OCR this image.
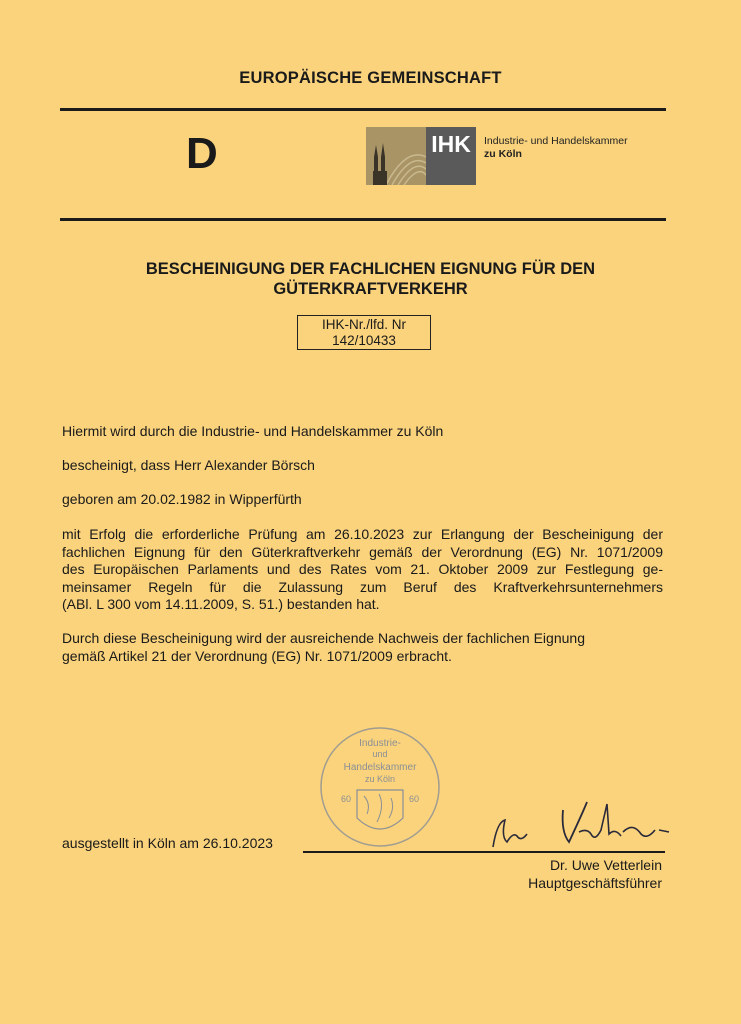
EUROPÄISCHE GEMEINSCHAFT
D	IHK	Industrie- und Handelskammer
zu Köln
BESCHEINIGUNG DER FACHLICHEN EIGNUNG FÜR DEN
GÜTERKRAFTVERKEHR
IHK-Nr./lfd. Nr
142/10433
Hiermit wird durch die Industrie- und Handelskammer zu Köln
bescheinigt, dass Herr Alexander Börsch
geboren am 20.02.1982 in Wipperfürth
mit Erfolg die erforderliche Prüfung am 26.10.2023 zur Erlangung der Bescheinigung der
fachlichen Eignung für den Güterkraftverkehr gemäß der Verordnung (EG) Nr. 1071/2009
des Europäischen Parlaments und des Rates vom 21. Oktober 2009 zur Festlegung ge-
meinsamer Regeln für die Zulassung zum Beruf des Kraftverkehrsunternehmers
(ABl. L 300 vom 14.11.2009, S. 51.) bestanden hat.
Durch diese Bescheinigung wird der ausreichende Nachweis der fachlichen Eignung
gemäß Artikel 21 der Verordnung (EG) Nr. 1071/2009 erbracht.
Industrie-
und
Handelskammer
zu Köln
60	60
ausgestellt in Köln am 26.10.2023
Dr. Uwe Vetterlein
Hauptgeschäftsführer
